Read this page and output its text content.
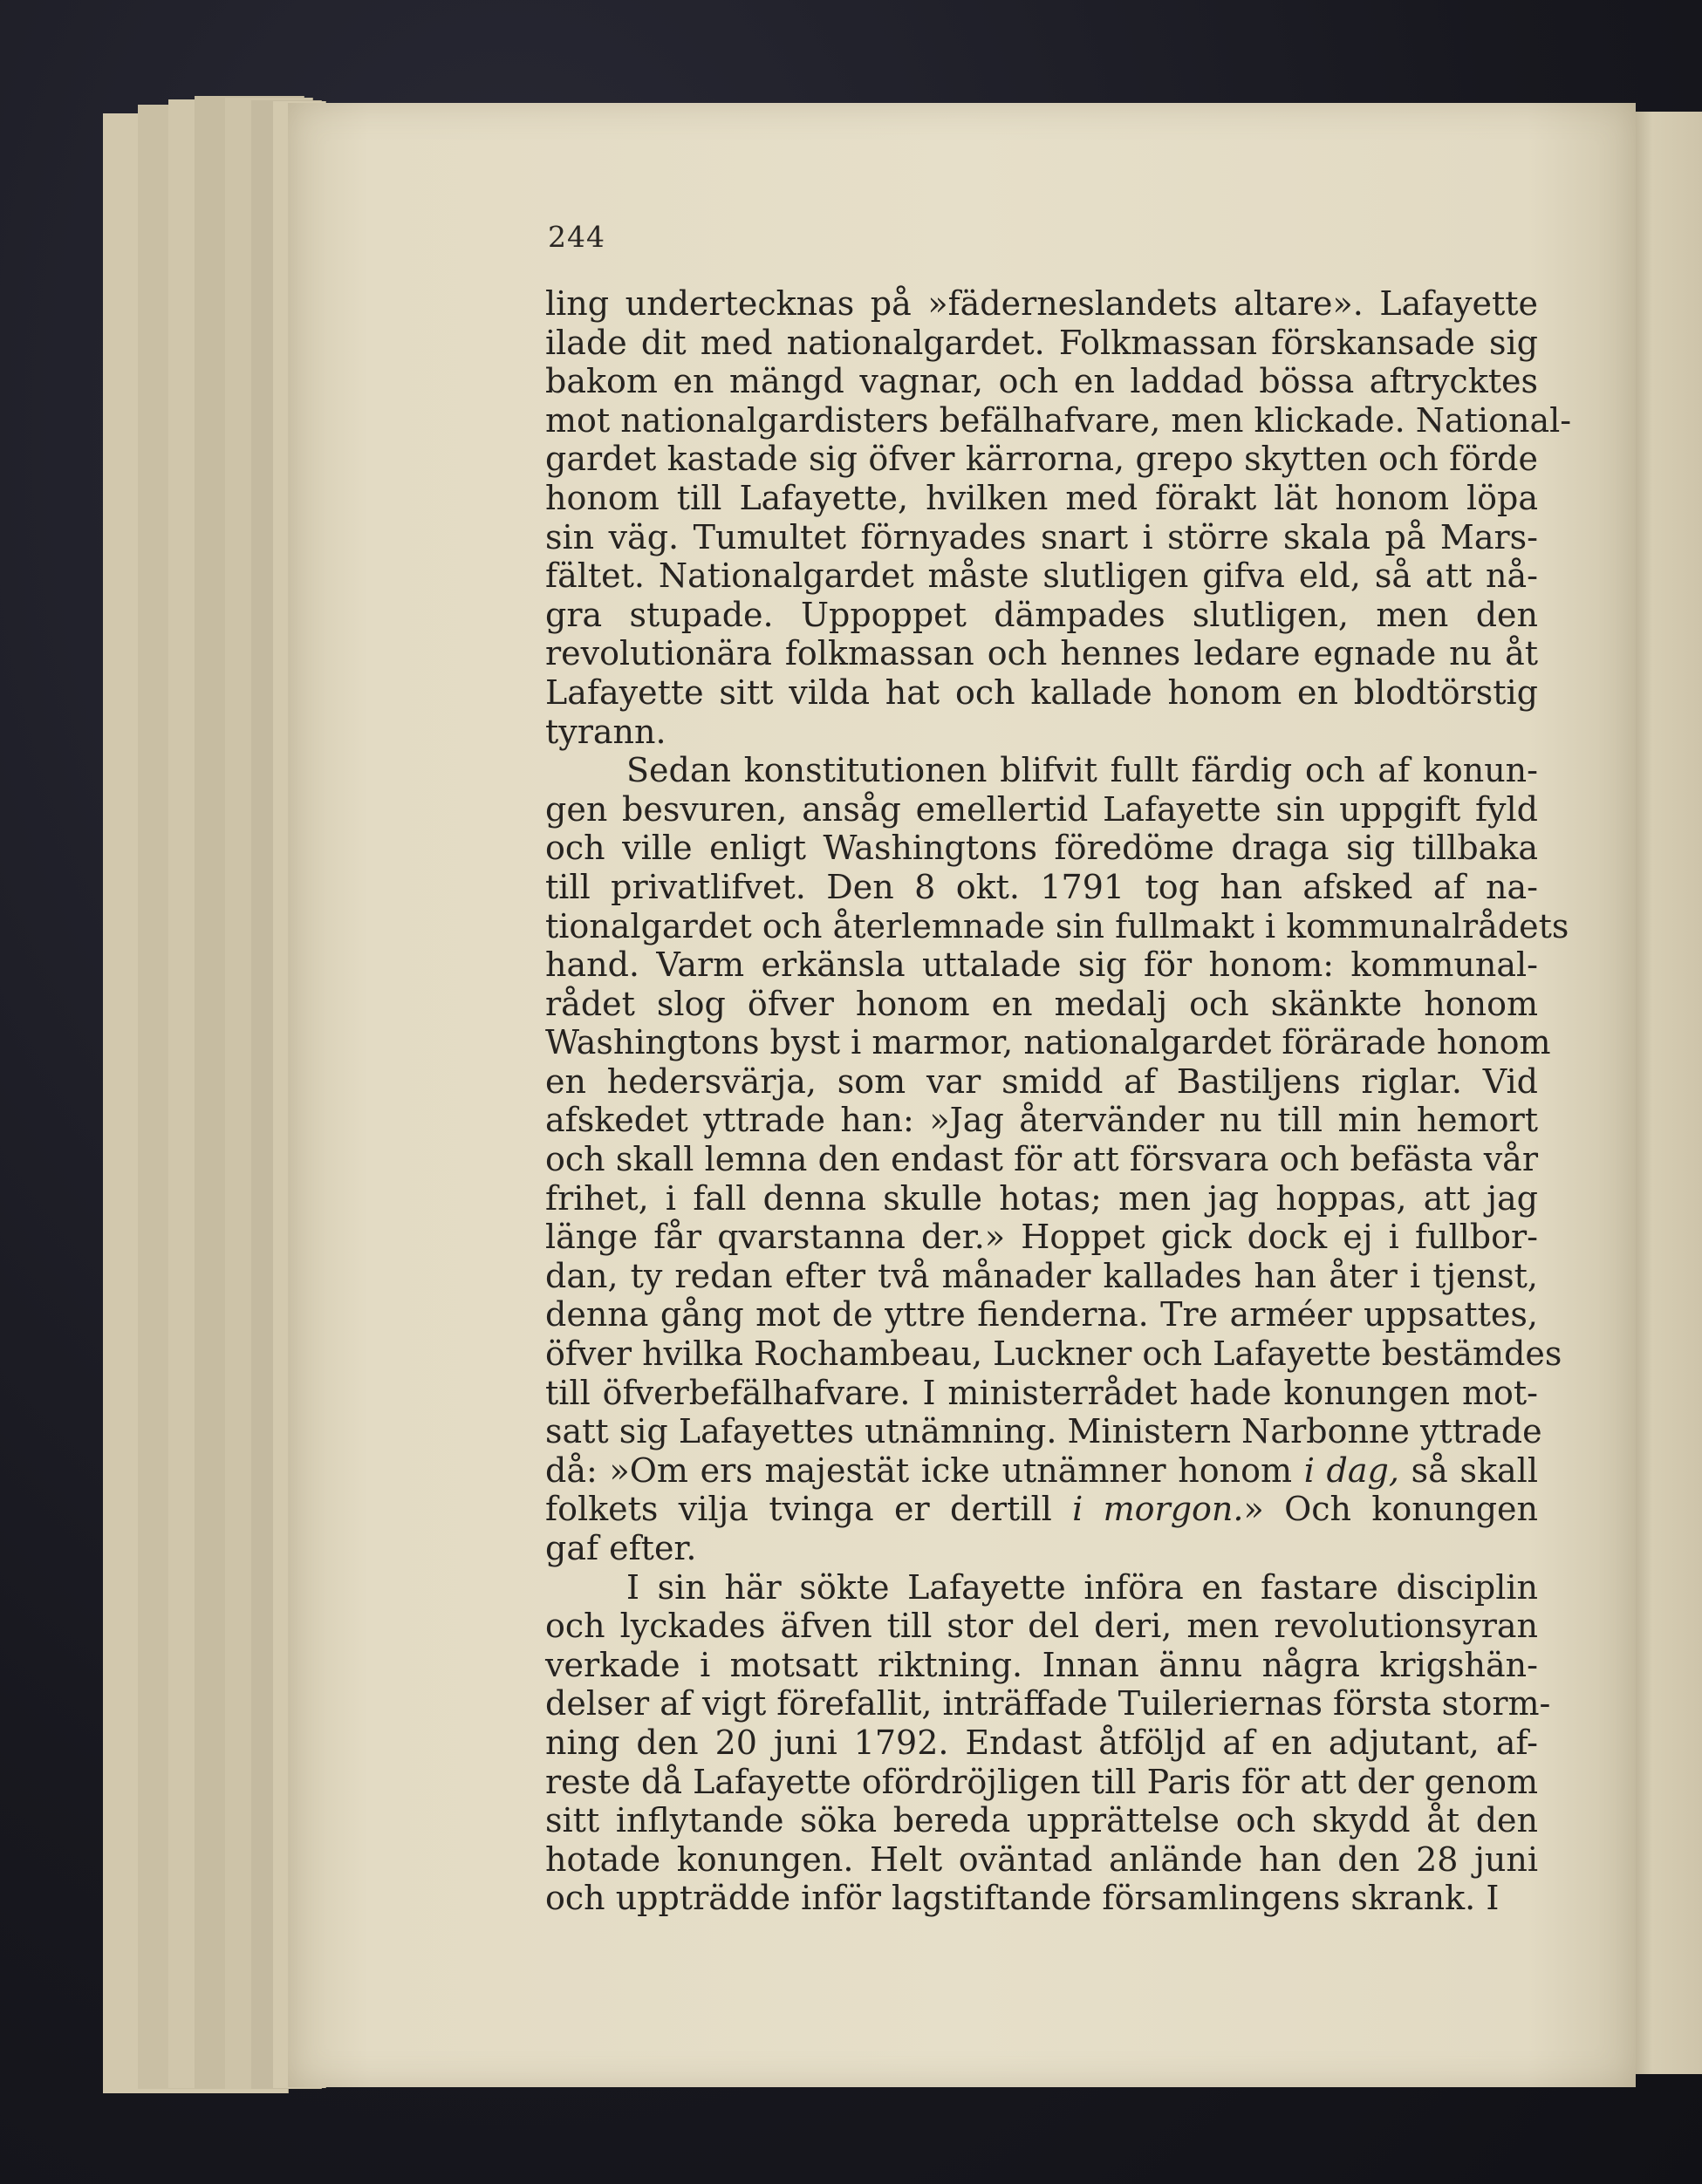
244
ling undertecknas på »fäderneslandets altare». Lafayette
ilade dit med nationalgardet. Folkmassan förskansade sig
bakom en mängd vagnar, och en laddad bössa aftrycktes
mot nationalgardisters befälhafvare, men klickade. National-
gardet kastade sig öfver kärrorna, grepo skytten och förde
honom till Lafayette, hvilken med förakt lät honom löpa
sin väg. Tumultet förnyades snart i större skala på Mars-
fältet. Nationalgardet måste slutligen gifva eld, så att nå-
gra stupade. Uppoppet dämpades slutligen, men den
revolutionära folkmassan och hennes ledare egnade nu åt
Lafayette sitt vilda hat och kallade honom en blodtörstig
tyrann.
Sedan konstitutionen blifvit fullt färdig och af konun-
gen besvuren, ansåg emellertid Lafayette sin uppgift fyld
och ville enligt Washingtons föredöme draga sig tillbaka
till privatlifvet. Den 8 okt. 1791 tog han afsked af na-
tionalgardet och återlemnade sin fullmakt i kommunalrådets
hand. Varm erkänsla uttalade sig för honom: kommunal-
rådet slog öfver honom en medalj och skänkte honom
Washingtons byst i marmor, nationalgardet förärade honom
en hedersvärja, som var smidd af Bastiljens riglar. Vid
afskedet yttrade han: »Jag återvänder nu till min hemort
och skall lemna den endast för att försvara och befästa vår
frihet, i fall denna skulle hotas; men jag hoppas, att jag
länge får qvarstanna der.» Hoppet gick dock ej i fullbor-
dan, ty redan efter två månader kallades han åter i tjenst,
denna gång mot de yttre fienderna. Tre arméer uppsattes,
öfver hvilka Rochambeau, Luckner och Lafayette bestämdes
till öfverbefälhafvare. I ministerrådet hade konungen mot-
satt sig Lafayettes utnämning. Ministern Narbonne yttrade
då: »Om ers majestät icke utnämner honom i dag, så skall
folkets vilja tvinga er dertill i morgon.» Och konungen
gaf efter.
I sin här sökte Lafayette införa en fastare disciplin
och lyckades äfven till stor del deri, men revolutionsyran
verkade i motsatt riktning. Innan ännu några krigshän-
delser af vigt förefallit, inträffade Tuileriernas första storm-
ning den 20 juni 1792. Endast åtföljd af en adjutant, af-
reste då Lafayette ofördröjligen till Paris för att der genom
sitt inflytande söka bereda upprättelse och skydd åt den
hotade konungen. Helt oväntad anlände han den 28 juni
och uppträdde inför lagstiftande församlingens skrank. I
